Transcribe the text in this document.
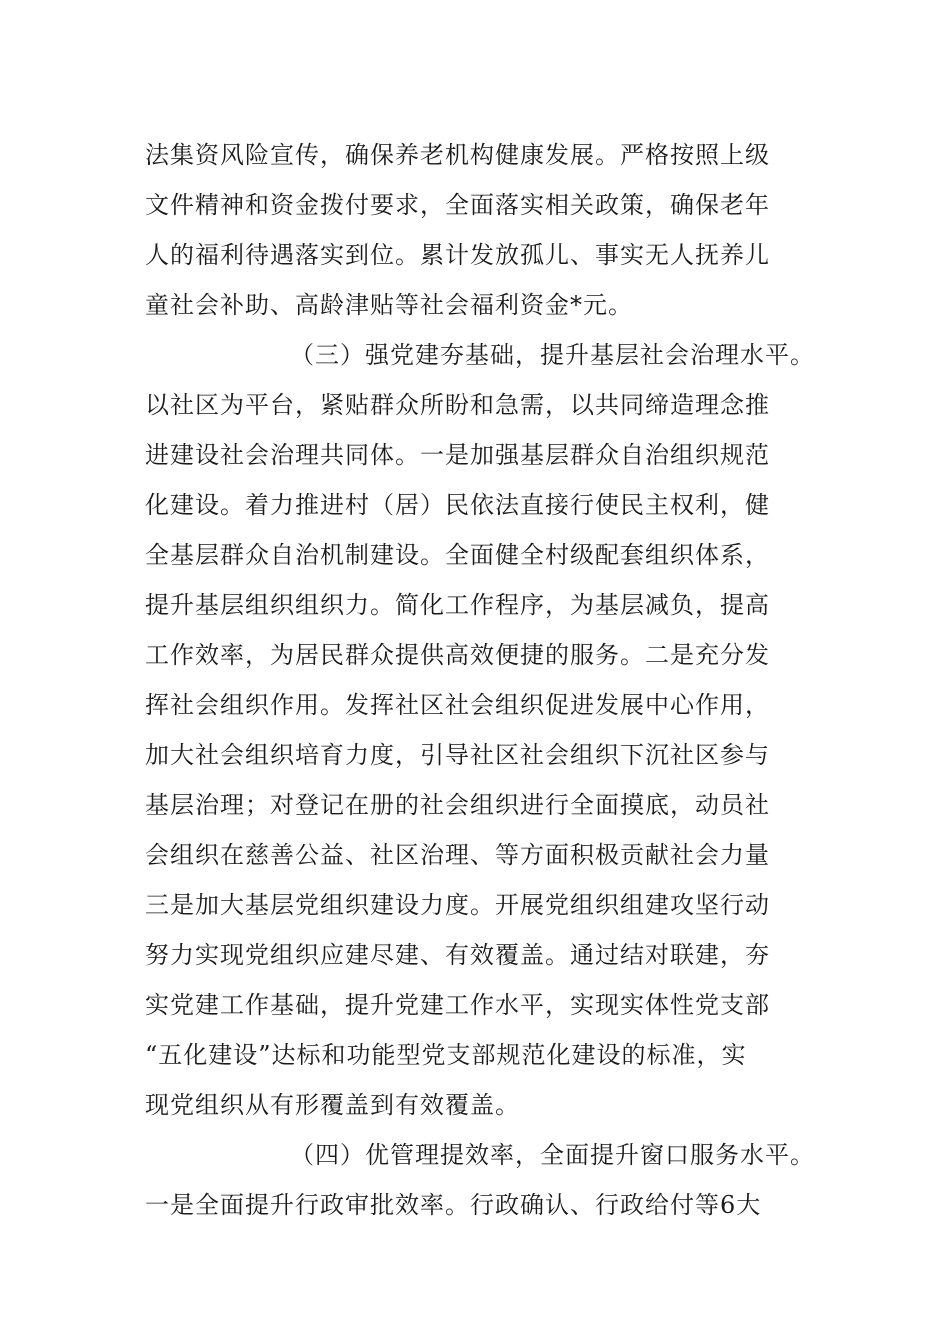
法集资风险宣传，确保养老机构健康发展。严格按照上级
文件精神和资金拨付要求，全面落实相关政策，确保老年
人的福利待遇落实到位。累计发放孤儿、事实无人抚养儿
童社会补助、高龄津贴等社会福利资金*元。
（三）强党建夯基础，提升基层社会治理水平。
以社区为平台，紧贴群众所盼和急需，以共同缔造理念推
进建设社会治理共同体。一是加强基层群众自治组织规范
化建设。着力推进村（居）民依法直接行使民主权利，健
全基层群众自治机制建设。全面健全村级配套组织体系，
提升基层组织组织力。简化工作程序，为基层减负，提高
工作效率，为居民群众提供高效便捷的服务。二是充分发
挥社会组织作用。发挥社区社会组织促进发展中心作用，
加大社会组织培育力度，引导社区社会组织下沉社区参与
基层治理；对登记在册的社会组织进行全面摸底，动员社
会组织在慈善公益、社区治理、等方面积极贡献社会力量
三是加大基层党组织建设力度。开展党组织组建攻坚行动
努力实现党组织应建尽建、有效覆盖。通过结对联建，夯
实党建工作基础，提升党建工作水平，实现实体性党支部
“五化建设”达标和功能型党支部规范化建设的标准，实
现党组织从有形覆盖到有效覆盖。
（四）优管理提效率，全面提升窗口服务水平。
一是全面提升行政审批效率。行政确认、行政给付等6大
